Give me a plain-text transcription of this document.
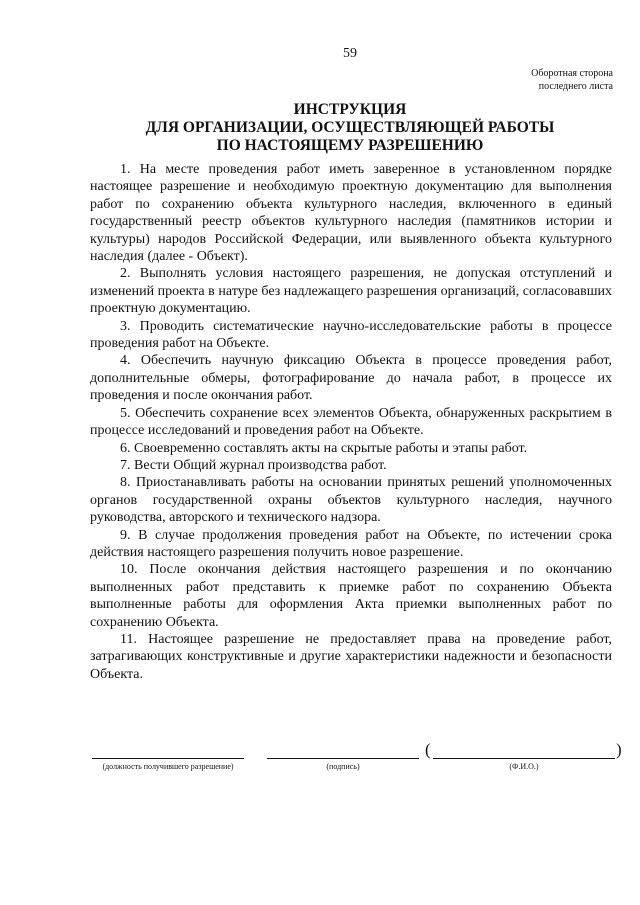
59
Оборотная сторона
последнего листа
ИНСТРУКЦИЯ
ДЛЯ ОРГАНИЗАЦИИ, ОСУЩЕСТВЛЯЮЩЕЙ РАБОТЫ
ПО НАСТОЯЩЕМУ РАЗРЕШЕНИЮ

1. На месте проведения работ иметь заверенное в установленном порядке настоящее разрешение и необходимую проектную документацию для выполнения работ по сохранению объекта культурного наследия, включенного в единый государственный реестр объектов культурного наследия (памятников истории и культуры) народов Российской Федерации, или выявленного объекта культурного наследия (далее - Объект).

2. Выполнять условия настоящего разрешения, не допуская отступлений и изменений проекта в натуре без надлежащего разрешения организаций, согласовавших проектную документацию.

3. Проводить систематические научно-исследовательские работы в процессе проведения работ на Объекте.

4. Обеспечить научную фиксацию Объекта в процессе проведения работ, дополнительные обмеры, фотографирование до начала работ, в процессе их проведения и после окончания работ.

5. Обеспечить сохранение всех элементов Объекта, обнаруженных раскрытием в процессе исследований и проведения работ на Объекте.

6. Своевременно составлять акты на скрытые работы и этапы работ.

7. Вести Общий журнал производства работ.

8. Приостанавливать работы на основании принятых решений уполномоченных органов государственной охраны объектов культурного наследия, научного руководства, авторского и технического надзора.

9. В случае продолжения проведения работ на Объекте, по истечении срока действия настоящего разрешения получить новое разрешение.

10. После окончания действия настоящего разрешения и по окончанию выполненных работ представить к приемке работ по сохранению Объекта выполненные работы для оформления Акта приемки выполненных работ по сохранению Объекта.

11. Настоящее разрешение не предоставляет права на проведение работ, затрагивающих конструктивные и другие характеристики надежности и безопасности Объекта.

(должность получившего разрешение)	(подпись)
(
(Ф.И.О.)
)
